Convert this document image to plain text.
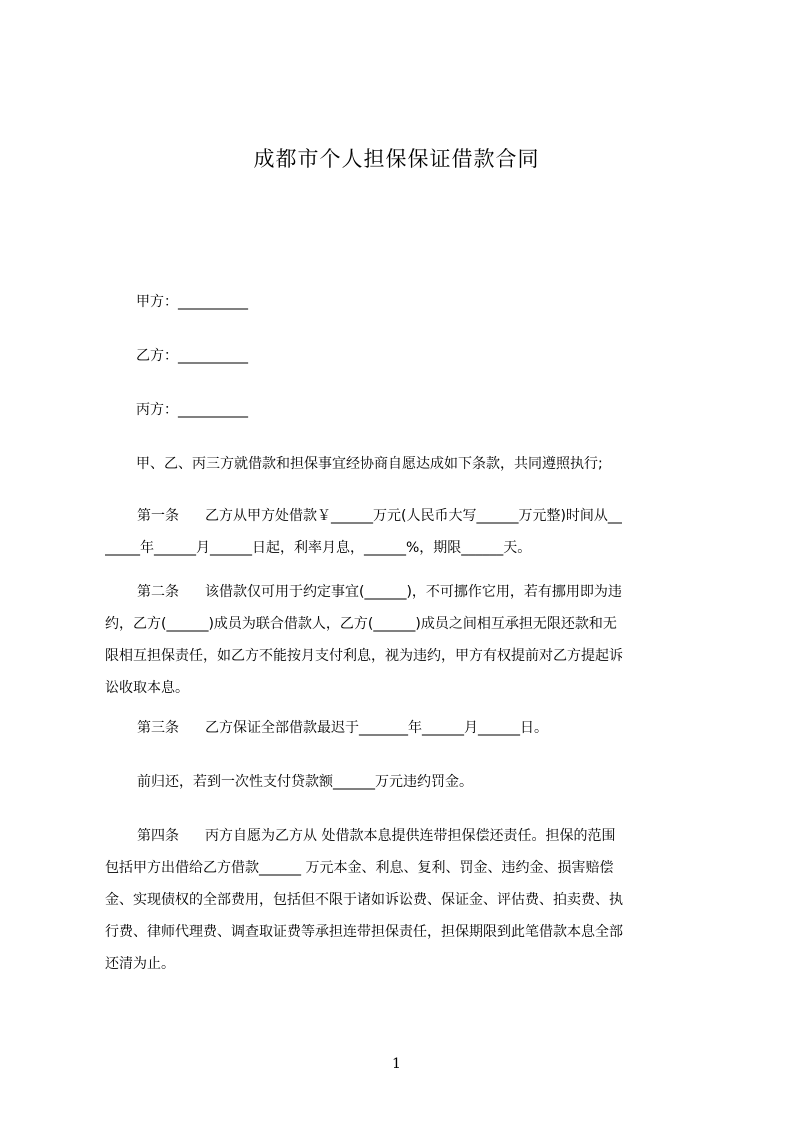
成都市个人担保保证借款合同
甲方：__________
乙方：__________
丙方：__________
甲、乙、丙三方就借款和担保事宜经协商自愿达成如下条款，共同遵照执行;
第一条 乙方从甲方处借款￥______万元(人民币大写______万元整)时间从__
_____年______月______日起，利率月息，______%，期限______天。
第二条 该借款仅可用于约定事宜(______)，不可挪作它用，若有挪用即为违
约，乙方(______)成员为联合借款人，乙方(______)成员之间相互承担无限还款和无
限相互担保责任，如乙方不能按月支付利息，视为违约，甲方有权提前对乙方提起诉
讼收取本息。
第三条 乙方保证全部借款最迟于_______年______月______日。
前归还，若到一次性支付贷款额______万元违约罚金。
第四条 丙方自愿为乙方从 处借款本息提供连带担保偿还责任。担保的范围
包括甲方出借给乙方借款______ 万元本金、利息、复利、罚金、违约金、损害赔偿
金、实现债权的全部费用，包括但不限于诸如诉讼费、保证金、评估费、拍卖费、执
行费、律师代理费、调查取证费等承担连带担保责任，担保期限到此笔借款本息全部
还清为止。
1
